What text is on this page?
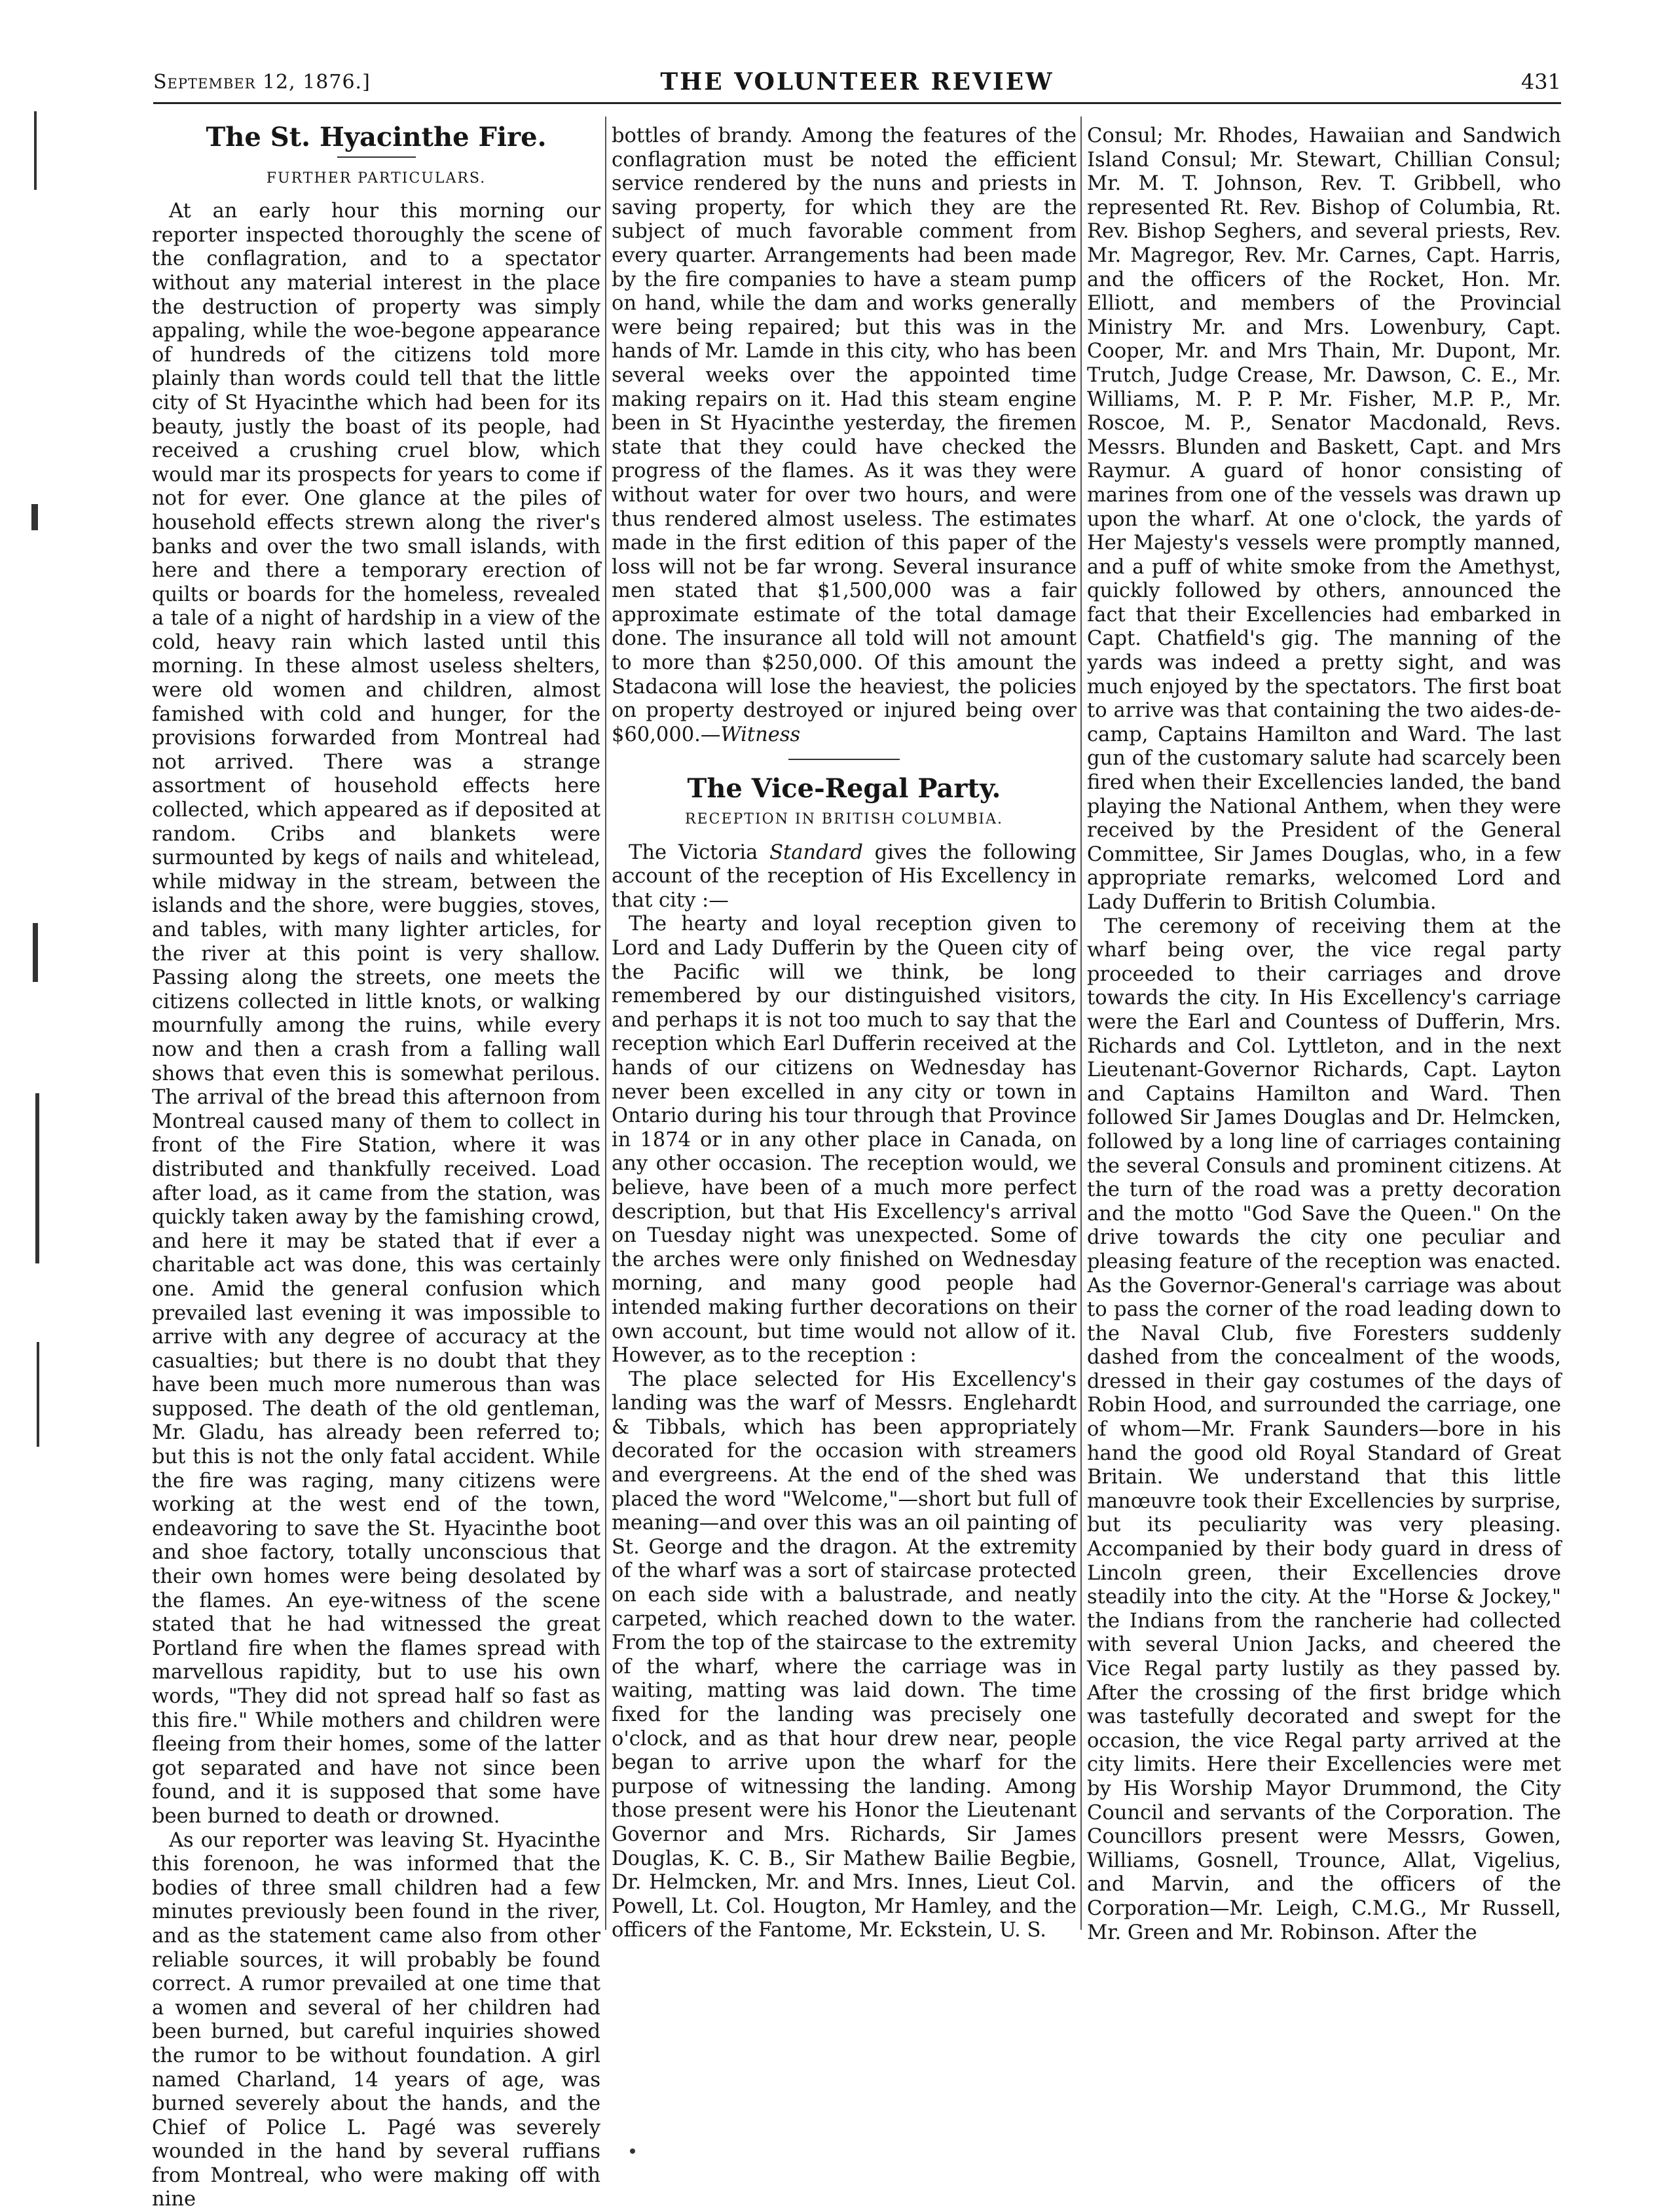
September 12, 1876.]	THE VOLUNTEER REVIEW	431
The St. Hyacinthe Fire.
FURTHER PARTICULARS.

At an early hour this morning our reporter inspected thoroughly the scene of the conflagration, and to a spectator without any material interest in the place the destruction of property was simply appaling, while the woe-begone appearance of hundreds of the citizens told more plainly than words could tell that the little city of St Hyacinthe which had been for its beauty, justly the boast of its people, had received a crushing cruel blow, which would mar its prospects for years to come if not for ever. One glance at the piles of household effects strewn along the river's banks and over the two small islands, with here and there a temporary erection of quilts or boards for the homeless, revealed a tale of a night of hardship in a view of the cold, heavy rain which lasted until this morning. In these almost useless shelters, were old women and children, almost famished with cold and hunger, for the provisions forwarded from Montreal had not arrived. There was a strange assortment of household effects here collected, which appeared as if deposited at random. Cribs and blankets were surmounted by kegs of nails and whitelead, while midway in the stream, between the islands and the shore, were buggies, stoves, and tables, with many lighter articles, for the river at this point is very shallow. Passing along the streets, one meets the citizens collected in little knots, or walking mournfully among the ruins, while every now and then a crash from a falling wall shows that even this is somewhat perilous. The arrival of the bread this afternoon from Montreal caused many of them to collect in front of the Fire Station, where it was distributed and thankfully received. Load after load, as it came from the station, was quickly taken away by the famishing crowd, and here it may be stated that if ever a charitable act was done, this was certainly one. Amid the general confusion which prevailed last evening it was impossible to arrive with any degree of accuracy at the casualties; but there is no doubt that they have been much more numerous than was supposed. The death of the old gentleman, Mr. Gladu, has already been referred to; but this is not the only fatal accident. While the fire was raging, many citizens were working at the west end of the town, endeavoring to save the St. Hyacinthe boot and shoe factory, totally unconscious that their own homes were being desolated by the flames. An eye-witness of the scene stated that he had witnessed the great Portland fire when the flames spread with marvellous rapidity, but to use his own words, "They did not spread half so fast as this fire." While mothers and children were fleeing from their homes, some of the latter got separated and have not since been found, and it is supposed that some have been burned to death or drowned.

As our reporter was leaving St. Hyacinthe this forenoon, he was informed that the bodies of three small children had a few minutes previously been found in the river, and as the statement came also from other reliable sources, it will probably be found correct. A rumor prevailed at one time that a women and several of her children had been burned, but careful inquiries showed the rumor to be without foundation. A girl named Charland, 14 years of age, was burned severely about the hands, and the Chief of Police L. Pagé was severely wounded in the hand by several ruffians from Montreal, who were making off with nine

bottles of brandy. Among the features of the conflagration must be noted the efficient service rendered by the nuns and priests in saving property, for which they are the subject of much favorable comment from every quarter. Arrangements had been made by the fire companies to have a steam pump on hand, while the dam and works generally were being repaired; but this was in the hands of Mr. Lamde in this city, who has been several weeks over the appointed time making repairs on it. Had this steam engine been in St Hyacinthe yesterday, the firemen state that they could have checked the progress of the flames. As it was they were without water for over two hours, and were thus rendered almost useless. The estimates made in the first edition of this paper of the loss will not be far wrong. Several insurance men stated that $1,500,000 was a fair approximate estimate of the total damage done. The insurance all told will not amount to more than $250,000. Of this amount the Stadacona will lose the heaviest, the policies on property destroyed or injured being over $60,000.—Witness

The Vice-Regal Party.
RECEPTION IN BRITISH COLUMBIA.

The Victoria Standard gives the following account of the reception of His Excellency in that city :—

The hearty and loyal reception given to Lord and Lady Dufferin by the Queen city of the Pacific will we think, be long remembered by our distinguished visitors, and perhaps it is not too much to say that the reception which Earl Dufferin received at the hands of our citizens on Wednesday has never been excelled in any city or town in Ontario during his tour through that Province in 1874 or in any other place in Canada, on any other occasion. The reception would, we believe, have been of a much more perfect description, but that His Excellency's arrival on Tuesday night was unexpected. Some of the arches were only finished on Wednesday morning, and many good people had intended making further decorations on their own account, but time would not allow of it. However, as to the reception :

The place selected for His Excellency's landing was the warf of Messrs. Englehardt & Tibbals, which has been appropriately decorated for the occasion with streamers and evergreens. At the end of the shed was placed the word "Welcome,"—short but full of meaning—and over this was an oil painting of St. George and the dragon. At the extremity of the wharf was a sort of staircase protected on each side with a balustrade, and neatly carpeted, which reached down to the water. From the top of the staircase to the extremity of the wharf, where the carriage was in waiting, matting was laid down. The time fixed for the landing was precisely one o'clock, and as that hour drew near, people began to arrive upon the wharf for the purpose of witnessing the landing. Among those present were his Honor the Lieutenant Governor and Mrs. Richards, Sir James Douglas, K. C. B., Sir Mathew Bailie Begbie, Dr. Helmcken, Mr. and Mrs. Innes, Lieut Col. Powell, Lt. Col. Hougton, Mr Hamley, and the officers of the Fantome, Mr. Eckstein, U. S.

Consul; Mr. Rhodes, Hawaiian and Sandwich Island Consul; Mr. Stewart, Chillian Consul; Mr. M. T. Johnson, Rev. T. Gribbell, who represented Rt. Rev. Bishop of Columbia, Rt. Rev. Bishop Seghers, and several priests, Rev. Mr. Magregor, Rev. Mr. Carnes, Capt. Harris, and the officers of the Rocket, Hon. Mr. Elliott, and members of the Provincial Ministry Mr. and Mrs. Lowenbury, Capt. Cooper, Mr. and Mrs Thain, Mr. Dupont, Mr. Trutch, Judge Crease, Mr. Dawson, C. E., Mr. Williams, M. P. P. Mr. Fisher, M.P. P., Mr. Roscoe, M. P., Senator Macdonald, Revs. Messrs. Blunden and Baskett, Capt. and Mrs Raymur. A guard of honor consisting of marines from one of the vessels was drawn up upon the wharf. At one o'clock, the yards of Her Majesty's vessels were promptly manned, and a puff of white smoke from the Amethyst, quickly followed by others, announced the fact that their Excellencies had embarked in Capt. Chatfield's gig. The manning of the yards was indeed a pretty sight, and was much enjoyed by the spectators. The first boat to arrive was that containing the two aides-de-camp, Captains Hamilton and Ward. The last gun of the customary salute had scarcely been fired when their Excellencies landed, the band playing the National Anthem, when they were received by the President of the General Committee, Sir James Douglas, who, in a few appropriate remarks, welcomed Lord and Lady Dufferin to British Columbia.

The ceremony of receiving them at the wharf being over, the vice regal party proceeded to their carriages and drove towards the city. In His Excellency's carriage were the Earl and Countess of Dufferin, Mrs. Richards and Col. Lyttleton, and in the next Lieutenant-Governor Richards, Capt. Layton and Captains Hamilton and Ward. Then followed Sir James Douglas and Dr. Helmcken, followed by a long line of carriages containing the several Consuls and prominent citizens. At the turn of the road was a pretty decoration and the motto "God Save the Queen." On the drive towards the city one peculiar and pleasing feature of the reception was enacted. As the Governor-General's carriage was about to pass the corner of the road leading down to the Naval Club, five Foresters suddenly dashed from the concealment of the woods, dressed in their gay costumes of the days of Robin Hood, and surrounded the carriage, one of whom—Mr. Frank Saunders—bore in his hand the good old Royal Standard of Great Britain. We understand that this little manœuvre took their Excellencies by surprise, but its peculiarity was very pleasing. Accompanied by their body guard in dress of Lincoln green, their Excellencies drove steadily into the city. At the "Horse & Jockey," the Indians from the rancherie had collected with several Union Jacks, and cheered the Vice Regal party lustily as they passed by. After the crossing of the first bridge which was tastefully decorated and swept for the occasion, the vice Regal party arrived at the city limits. Here their Excellencies were met by His Worship Mayor Drummond, the City Council and servants of the Corporation. The Councillors present were Messrs, Gowen, Williams, Gosnell, Trounce, Allat, Vigelius, and Marvin, and the officers of the Corporation—Mr. Leigh, C.M.G., Mr Russell, Mr. Green and Mr. Robinson. After the
